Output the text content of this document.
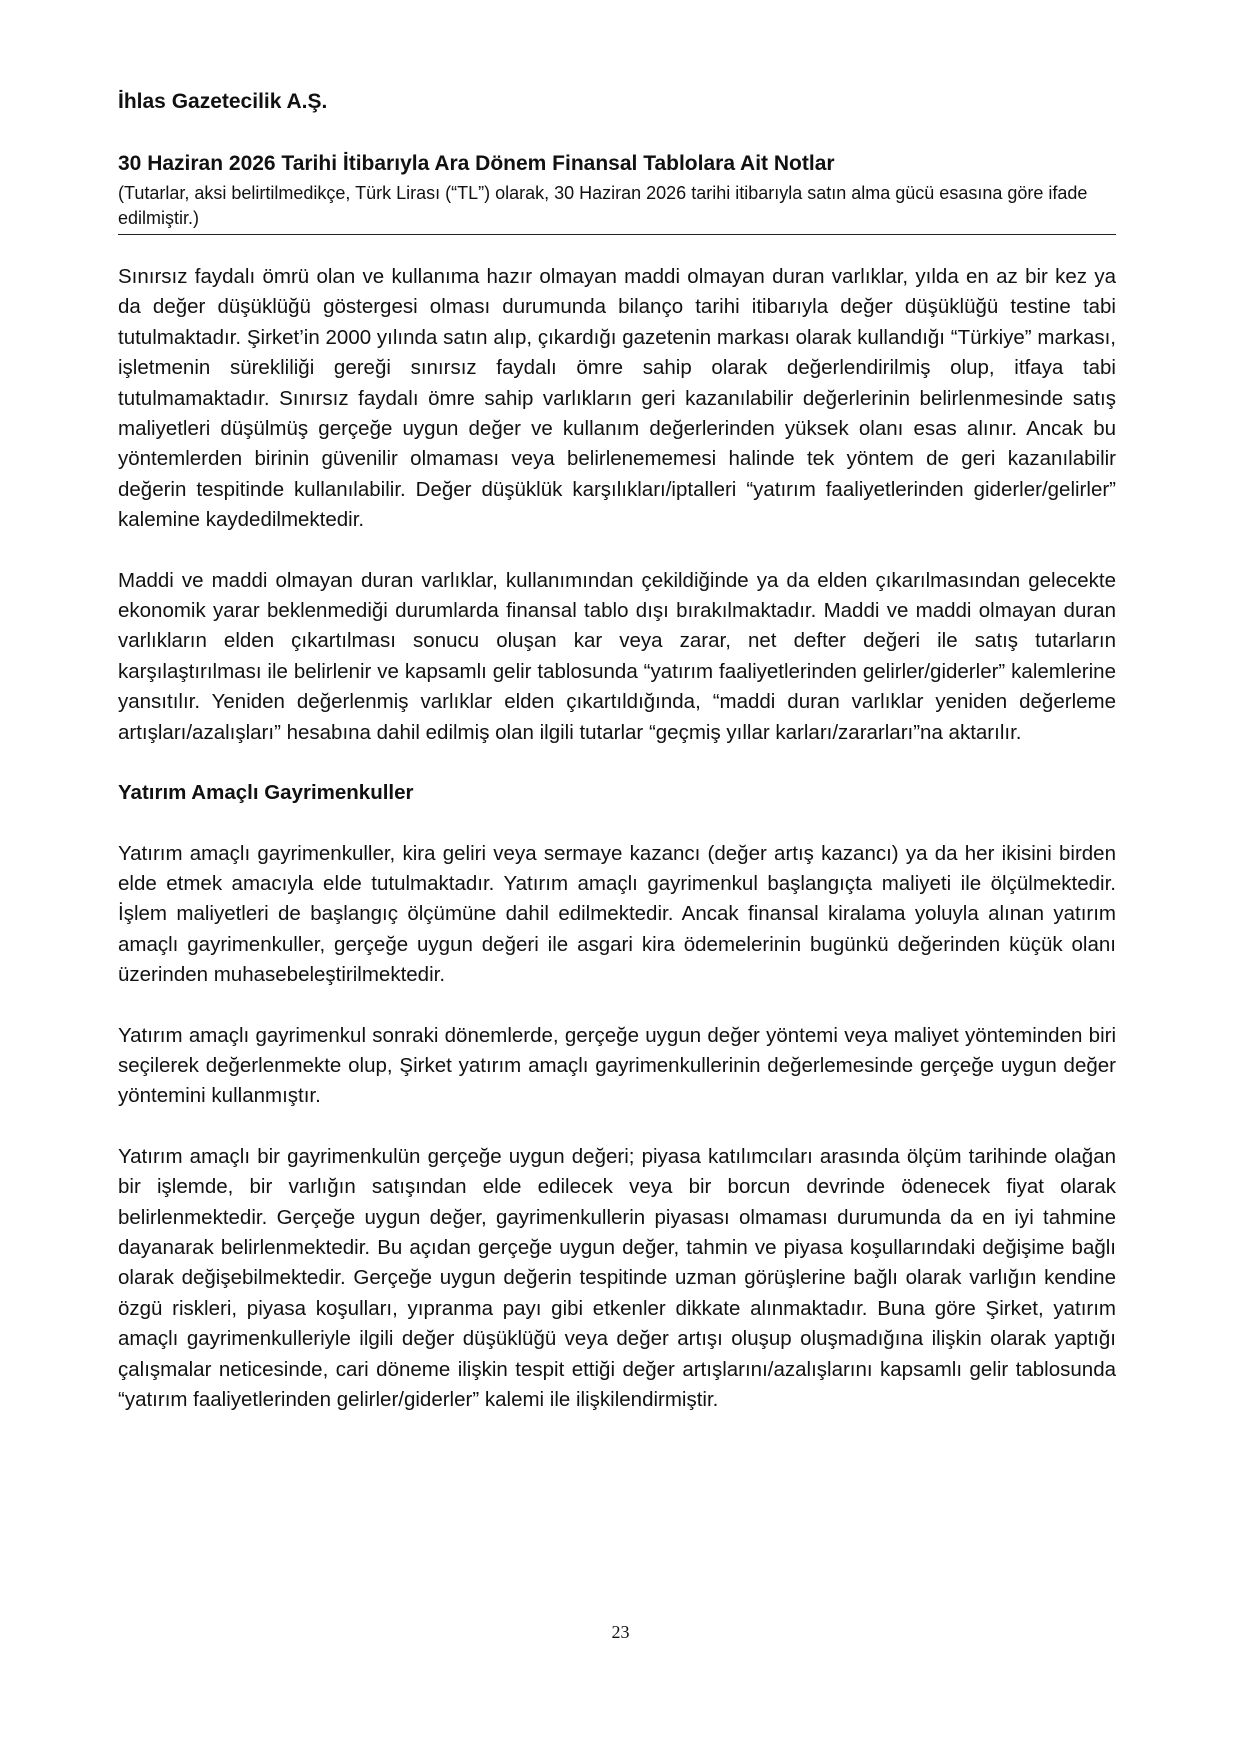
İhlas Gazetecilik A.Ş.
30 Haziran 2026 Tarihi İtibarıyla Ara Dönem Finansal Tablolara Ait Notlar
(Tutarlar, aksi belirtilmedikçe, Türk Lirası (“TL”) olarak, 30 Haziran 2026 tarihi itibarıyla satın alma gücü esasına göre ifade edilmiştir.)

Sınırsız faydalı ömrü olan ve kullanıma hazır olmayan maddi olmayan duran varlıklar, yılda en az bir kez ya da değer düşüklüğü göstergesi olması durumunda bilanço tarihi itibarıyla değer düşüklüğü testine tabi tutulmaktadır. Şirket’in 2000 yılında satın alıp, çıkardığı gazetenin markası olarak kullandığı “Türkiye” markası, işletmenin sürekliliği gereği sınırsız faydalı ömre sahip olarak değerlendirilmiş olup, itfaya tabi tutulmamaktadır. Sınırsız faydalı ömre sahip varlıkların geri kazanılabilir değerlerinin belirlenmesinde satış maliyetleri düşülmüş gerçeğe uygun değer ve kullanım değerlerinden yüksek olanı esas alınır. Ancak bu yöntemlerden birinin güvenilir olmaması veya belirlenememesi halinde tek yöntem de geri kazanılabilir değerin tespitinde kullanılabilir. Değer düşüklük karşılıkları/iptalleri “yatırım faaliyetlerinden giderler/gelirler” kalemine kaydedilmektedir.

Maddi ve maddi olmayan duran varlıklar, kullanımından çekildiğinde ya da elden çıkarılmasından gelecekte ekonomik yarar beklenmediği durumlarda finansal tablo dışı bırakılmaktadır. Maddi ve maddi olmayan duran varlıkların elden çıkartılması sonucu oluşan kar veya zarar, net defter değeri ile satış tutarların karşılaştırılması ile belirlenir ve kapsamlı gelir tablosunda “yatırım faaliyetlerinden gelirler/giderler” kalemlerine yansıtılır. Yeniden değerlenmiş varlıklar elden çıkartıldığında, “maddi duran varlıklar yeniden değerleme artışları/azalışları” hesabına dahil edilmiş olan ilgili tutarlar “geçmiş yıllar karları/zararları”na aktarılır.

Yatırım Amaçlı Gayrimenkuller

Yatırım amaçlı gayrimenkuller, kira geliri veya sermaye kazancı (değer artış kazancı) ya da her ikisini birden elde etmek amacıyla elde tutulmaktadır. Yatırım amaçlı gayrimenkul başlangıçta maliyeti ile ölçülmektedir. İşlem maliyetleri de başlangıç ölçümüne dahil edilmektedir. Ancak finansal kiralama yoluyla alınan yatırım amaçlı gayrimenkuller, gerçeğe uygun değeri ile asgari kira ödemelerinin bugünkü değerinden küçük olanı üzerinden muhasebeleştirilmektedir.

Yatırım amaçlı gayrimenkul sonraki dönemlerde, gerçeğe uygun değer yöntemi veya maliyet yönteminden biri seçilerek değerlenmekte olup, Şirket yatırım amaçlı gayrimenkullerinin değerlemesinde gerçeğe uygun değer yöntemini kullanmıştır.

Yatırım amaçlı bir gayrimenkulün gerçeğe uygun değeri; piyasa katılımcıları arasında ölçüm tarihinde olağan bir işlemde, bir varlığın satışından elde edilecek veya bir borcun devrinde ödenecek fiyat olarak belirlenmektedir. Gerçeğe uygun değer, gayrimenkullerin piyasası olmaması durumunda da en iyi tahmine dayanarak belirlenmektedir. Bu açıdan gerçeğe uygun değer, tahmin ve piyasa koşullarındaki değişime bağlı olarak değişebilmektedir. Gerçeğe uygun değerin tespitinde uzman görüşlerine bağlı olarak varlığın kendine özgü riskleri, piyasa koşulları, yıpranma payı gibi etkenler dikkate alınmaktadır. Buna göre Şirket, yatırım amaçlı gayrimenkulleriyle ilgili değer düşüklüğü veya değer artışı oluşup oluşmadığına ilişkin olarak yaptığı çalışmalar neticesinde, cari döneme ilişkin tespit ettiği değer artışlarını/azalışlarını kapsamlı gelir tablosunda “yatırım faaliyetlerinden gelirler/giderler” kalemi ile ilişkilendirmiştir.

23
